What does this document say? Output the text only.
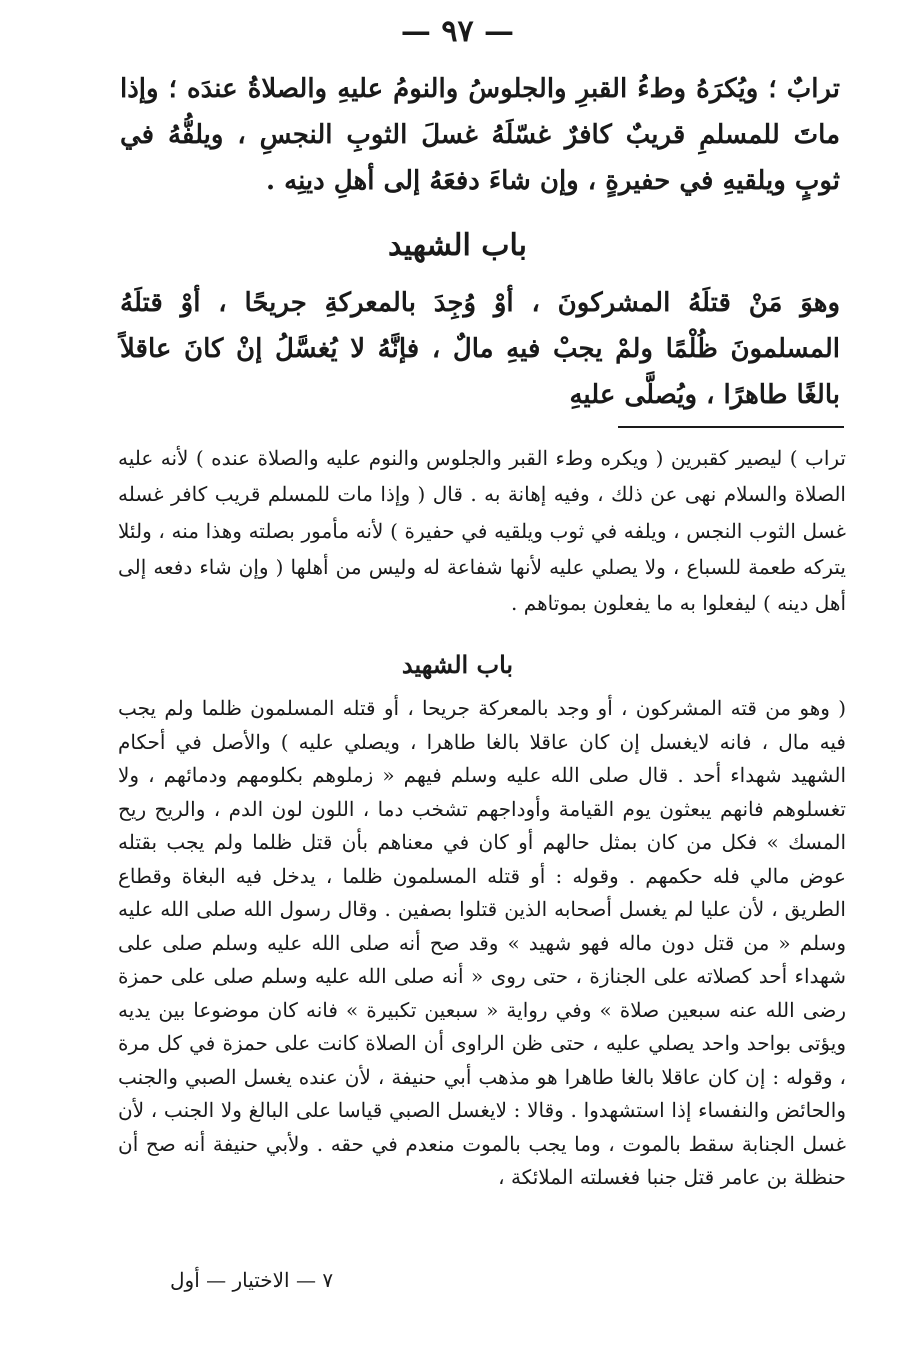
— ٩٧ —

ترابٌ ؛ ويُكرَهُ وطءُ القبرِ والجلوسُ والنومُ عليهِ والصلاةُ عندَه ؛ وإذا ماتَ للمسلمِ قريبٌ كافرٌ غسّلَهُ غسلَ الثوبِ النجسِ ، ويلفُّهُ في ثوبٍ ويلقيهِ في حفيرةٍ ، وإن شاءَ دفعَهُ إلى أهلِ دينِه .

باب الشهيد

وهوَ مَنْ قتلَهُ المشركونَ ، أوْ وُجِدَ بالمعركةِ جريحًا ، أوْ قتلَهُ المسلمونَ ظُلْمًا ولمْ يجبْ فيهِ مالٌ ، فإنَّهُ لا يُغسَّلُ إنْ كانَ عاقلاً بالغًا طاهرًا ، ويُصلَّى عليهِ

تراب ) ليصير كقبرين ( ويكره وطء القبر والجلوس والنوم عليه والصلاة عنده ) لأنه عليه الصلاة والسلام نهى عن ذلك ، وفيه إهانة به . قال ( وإذا مات للمسلم قريب كافر غسله غسل الثوب النجس ، ويلفه في ثوب ويلقيه في حفيرة ) لأنه مأمور بصلته وهذا منه ، ولئلا يتركه طعمة للسباع ، ولا يصلي عليه لأنها شفاعة له وليس من أهلها ( وإن شاء دفعه إلى أهل دينه ) ليفعلوا به ما يفعلون بموتاهم .

باب الشهيد

( وهو من قته المشركون ، أو وجد بالمعركة جريحا ، أو قتله المسلمون ظلما ولم يجب فيه مال ، فانه لايغسل إن كان عاقلا بالغا طاهرا ، ويصلي عليه ) والأصل في أحكام الشهيد شهداء أحد . قال صلى الله عليه وسلم فيهم « زملوهم بكلومهم ودمائهم ، ولا تغسلوهم فانهم يبعثون يوم القيامة وأوداجهم تشخب دما ، اللون لون الدم ، والريح ريح المسك » فكل من كان بمثل حالهم أو كان في معناهم بأن قتل ظلما ولم يجب بقتله عوض مالي فله حكمهم . وقوله : أو قتله المسلمون ظلما ، يدخل فيه البغاة وقطاع الطريق ، لأن عليا لم يغسل أصحابه الذين قتلوا بصفين . وقال رسول الله صلى الله عليه وسلم « من قتل دون ماله فهو شهيد » وقد صح أنه صلى الله عليه وسلم صلى على شهداء أحد كصلاته على الجنازة ، حتى روى « أنه صلى الله عليه وسلم صلى على حمزة رضى الله عنه سبعين صلاة » وفي رواية « سبعين تكبيرة » فانه كان موضوعا بين يديه ويؤتى بواحد واحد يصلي عليه ، حتى ظن الراوى أن الصلاة كانت على حمزة في كل مرة ، وقوله : إن كان عاقلا بالغا طاهرا هو مذهب أبي حنيفة ، لأن عنده يغسل الصبي والجنب والحائض والنفساء إذا استشهدوا . وقالا : لايغسل الصبي قياسا على البالغ ولا الجنب ، لأن غسل الجنابة سقط بالموت ، وما يجب بالموت منعدم في حقه . ولأبي حنيفة أنه صح أن حنظلة بن عامر قتل جنبا فغسلته الملائكة ،

٧ — الاختيار — أول
